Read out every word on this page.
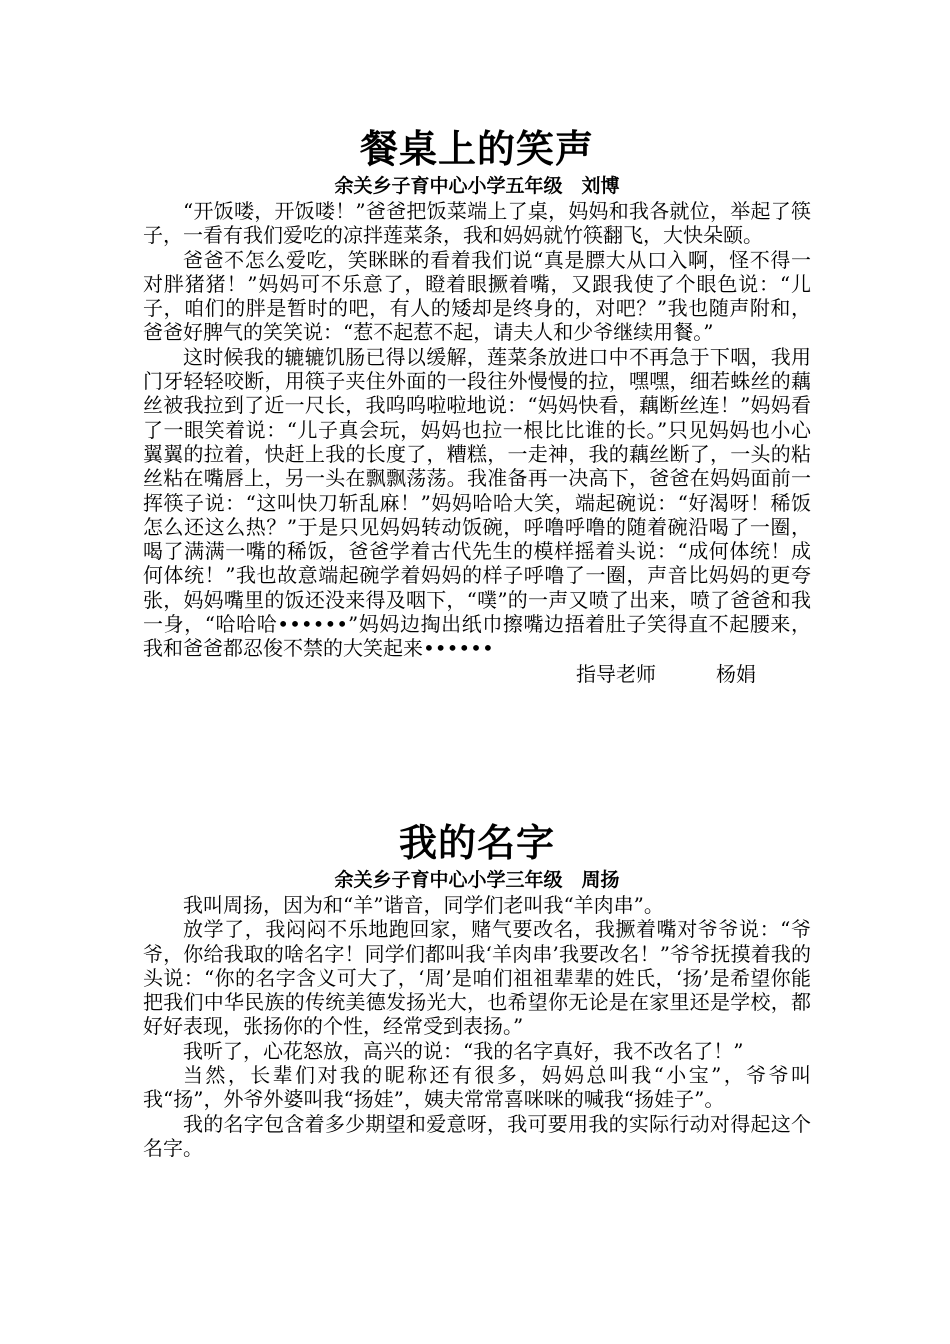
餐桌上的笑声

余关乡子育中心小学五年级　刘博

“开饭喽，开饭喽！”爸爸把饭菜端上了桌，妈妈和我各就位，举起了筷子，一看有我们爱吃的凉拌莲菜条，我和妈妈就竹筷翻飞，大快朵颐。

爸爸不怎么爱吃，笑眯眯的看着我们说“真是膘大从口入啊，怪不得一对胖猪猪！”妈妈可不乐意了，瞪着眼撅着嘴，又跟我使了个眼色说：“儿子，咱们的胖是暂时的吧，有人的矮却是终身的，对吧？”我也随声附和，爸爸好脾气的笑笑说：“惹不起惹不起，请夫人和少爷继续用餐。”

这时候我的辘辘饥肠已得以缓解，莲菜条放进口中不再急于下咽，我用门牙轻轻咬断，用筷子夹住外面的一段往外慢慢的拉，嘿嘿，细若蛛丝的藕丝被我拉到了近一尺长，我呜呜啦啦地说：“妈妈快看，藕断丝连！”妈妈看了一眼笑着说：“儿子真会玩，妈妈也拉一根比比谁的长。”只见妈妈也小心翼翼的拉着，快赶上我的长度了，糟糕，一走神，我的藕丝断了，一头的粘丝粘在嘴唇上，另一头在飘飘荡荡。我准备再一决高下，爸爸在妈妈面前一挥筷子说：“这叫快刀斩乱麻！”妈妈哈哈大笑，端起碗说：“好渴呀！稀饭怎么还这么热？”于是只见妈妈转动饭碗，呼噜呼噜的随着碗沿喝了一圈，喝了满满一嘴的稀饭，爸爸学着古代先生的模样摇着头说：“成何体统！成何体统！”我也故意端起碗学着妈妈的样子呼噜了一圈，声音比妈妈的更夸张，妈妈嘴里的饭还没来得及咽下，“噗”的一声又喷了出来，喷了爸爸和我一身，“哈哈哈••••••”妈妈边掏出纸巾擦嘴边捂着肚子笑得直不起腰来，我和爸爸都忍俊不禁的大笑起来••••••

指导老师　　　杨娟

我的名字

余关乡子育中心小学三年级　周扬

我叫周扬，因为和“羊”谐音，同学们老叫我“羊肉串”。

放学了，我闷闷不乐地跑回家，赌气要改名，我撅着嘴对爷爷说：“爷爷，你给我取的啥名字！同学们都叫我‘羊肉串’我要改名！”爷爷抚摸着我的头说：“你的名字含义可大了，‘周’是咱们祖祖辈辈的姓氏，‘扬’是希望你能把我们中华民族的传统美德发扬光大，也希望你无论是在家里还是学校，都好好表现，张扬你的个性，经常受到表扬。”

我听了，心花怒放，高兴的说：“我的名字真好，我不改名了！”

当然，长辈们对我的昵称还有很多，妈妈总叫我“小宝”，爷爷叫我“扬”，外爷外婆叫我“扬娃”，姨夫常常喜咪咪的喊我“扬娃子”。

我的名字包含着多少期望和爱意呀，我可要用我的实际行动对得起这个名字。
